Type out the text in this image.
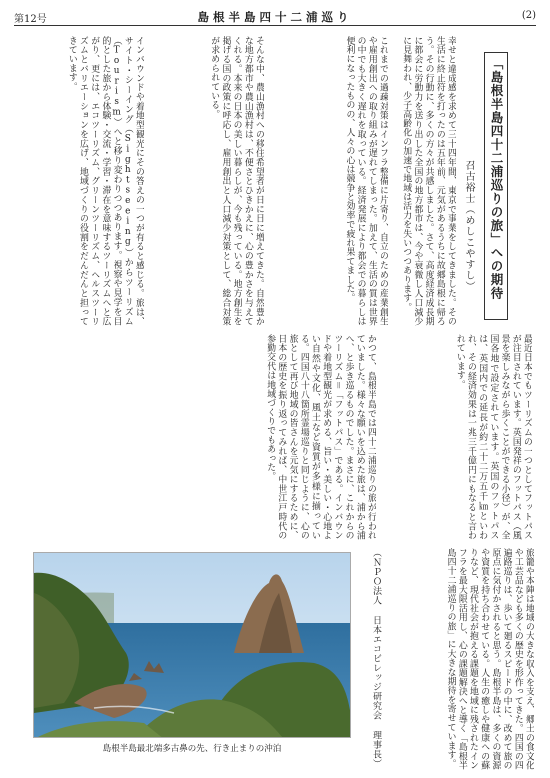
第12号	島根半島四十二浦巡り	(2)
「島根半島四十二浦巡りの旅」への期待
召古裕士（めしこやすし）
幸せと違成感を求めて三十四年間、東京で事業をしてきました。その生活に終止符を打ったのは五年前、元気があるうちに故郷島根に帰ろう。その行動に、多くの方々が共感しました。さて、高度経済成長期に都会に労動力を送り出した全国の地方都市は、今や衰微し人口減少に見舞われ、少子高齢化の加速で地域は活力を失いつつあります。
これまでの過疎対策はインフラ整備に片寄り、自立のための産業創生や雇用創出への取り組みが遅れてしまった。加えて、生活の質は世界の中でも大きく遅れを取っている。経済発展により都会での暮らしは便利になったものの、人々の心は競争と効率で疲れ果てました。
そんな中、農山漁村への移住希望者が日に日に増えてきた。自然豊かな地方都市や農山漁村は、不便さとひきかえに、心の豊かさを与えてくれる。本来の日本の美しい暮らしが、今も残っている。地方創生を掲げる国の政策に呼応し、雇用創出と人口減少対策として、総合対策が求められている。
インバウンドや着地型観光にその答えの一つが有ると感じる。旅は、サイト・シーイング（Sightseeing）からツーリズム（Tourism）へと移り変わりつつあります。視察や見学を目的とした旅から体験・交流・学習・滞在を意味するツーリズムへと広がり、更には、エコツーリズム、グリーンツーリズム、ヘルスツーリズムとバリエーションを広げ、地域づくりの役割をだんだんと担ってきています。
最近日本でもツーリズムの一つとしてフットパスが注目されています。英国発祥のフットパス（風景を楽しみながら歩くことができる小径）が、全国各地で設定されています。英国のフットパスは、英国内での延長が約二十二万五千㎞といわれ、その経済効果は一兆三千億円にもなると言われています。
かつて、島根半島では四十二浦巡りの旅が行われていました。様々な願いを込めた旅は、浦から浦へ、と歩き巡るものでした。まさに、これからのツーリズム＝「フットパス」である。インバウンドや着地型観光が求める、旨い・美しい・心地よい自然や文化、風土など資質が多様に揃っている。四国八十八箇所霊場巡りと同じように、心の旅として再び地域の皆さんを元気にするために、日本の歴史を振り返ってみれば、中世江戸時代の参勤交代は地域づくりでもあった。
旅籠や本陣は地域の大きな収入を支え、郷土の食文化や工芸品なども多くの歴史を形作ってきた。四国の四遍路巡りは、歩いて廻るスピードの中に、改めて旅の原点に気付かされると思う。島根半島は、多くの資源や資質を持ち合わせている。人生の癒しや健康への蘇りなど、現代社会が抱える課題を地域に残されたインフラを最大限活用し、心の課題解決へと導く「島根半島四十二浦巡りの旅」に大きな期待を寄せています。
（ＮＰＯ法人 日本エコビレッジ研究会 理事長）
島根半島最北端多古鼻の先、行き止まりの沖泊
